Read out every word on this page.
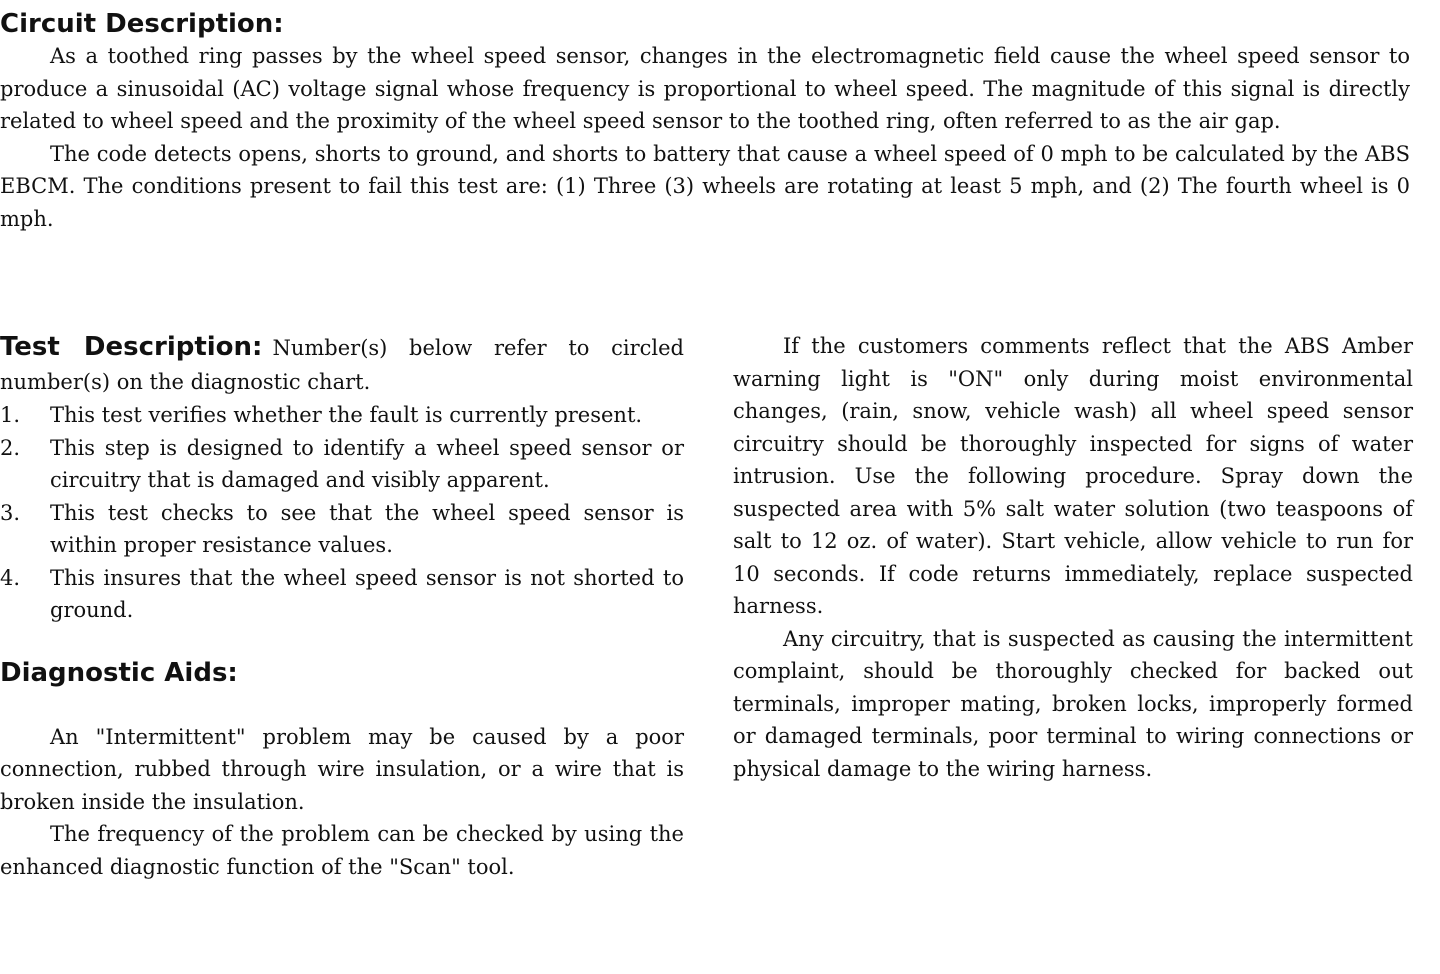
Circuit Description:

As a toothed ring passes by the wheel speed sensor, changes in the electromagnetic field cause the wheel speed sensor to produce a sinusoidal (AC) voltage signal whose frequency is proportional to wheel speed. The magnitude of this signal is directly related to wheel speed and the proximity of the wheel speed sensor to the toothed ring, often referred to as the air gap.

The code detects opens, shorts to ground, and shorts to battery that cause a wheel speed of 0 mph to be calculated by the ABS EBCM. The conditions present to fail this test are: (1) Three (3) wheels are rotating at least 5 mph, and (2) The fourth wheel is 0 mph.

Test Description: Number(s) below refer to circled number(s) on the diagnostic chart.

1. This test verifies whether the fault is currently present.
2. This step is designed to identify a wheel speed sensor or circuitry that is damaged and visibly apparent.
3. This test checks to see that the wheel speed sensor is within proper resistance values.
4. This insures that the wheel speed sensor is not shorted to ground.
Diagnostic Aids:

An "Intermittent" problem may be caused by a poor connection, rubbed through wire insulation, or a wire that is broken inside the insulation.

The frequency of the problem can be checked by using the enhanced diagnostic function of the "Scan" tool.

If the customers comments reflect that the ABS Amber warning light is "ON" only during moist environmental changes, (rain, snow, vehicle wash) all wheel speed sensor circuitry should be thoroughly inspected for signs of water intrusion. Use the following procedure. Spray down the suspected area with 5% salt water solution (two teaspoons of salt to 12 oz. of water). Start vehicle, allow vehicle to run for 10 seconds. If code returns immediately, replace suspected harness.

Any circuitry, that is suspected as causing the intermittent complaint, should be thoroughly checked for backed out terminals, improper mating, broken locks, improperly formed or damaged terminals, poor terminal to wiring connections or physical damage to the wiring harness.
